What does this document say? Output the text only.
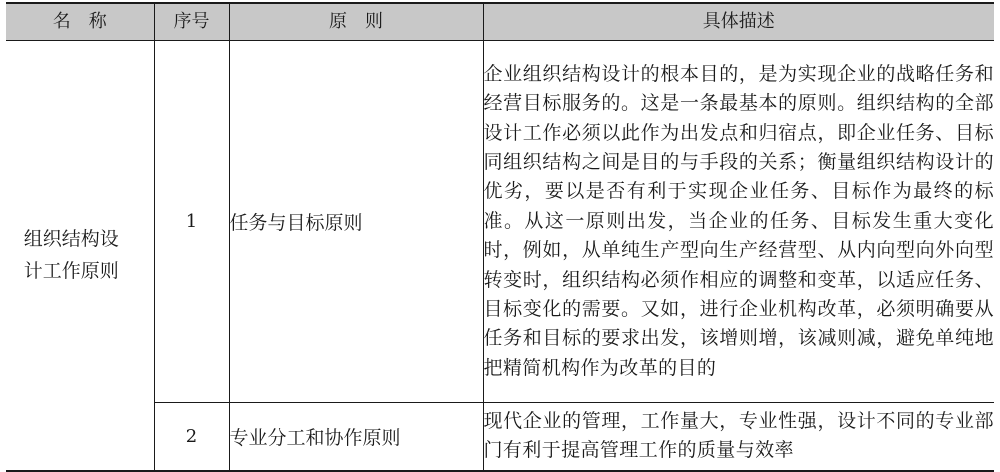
名　称	序号	原　则	具体描述

组织结构设计工作原则	1	任务与目标原则	企业组织结构设计的根本目的，是为实现企业的战略任务和经营目标服务的。这是一条最基本的原则。组织结构的全部设计工作必须以此作为出发点和归宿点，即企业任务、目标同组织结构之间是目的与手段的关系；衡量组织结构设计的优劣，要以是否有利于实现企业任务、目标作为最终的标准。从这一原则出发，当企业的任务、目标发生重大变化时，例如，从单纯生产型向生产经营型、从内向型向外向型转变时，组织结构必须作相应的调整和变革，以适应任务、目标变化的需要。又如，进行企业机构改革，必须明确要从任务和目标的要求出发，该增则增，该减则减，避免单纯地把精简机构作为改革的目的
	2	专业分工和协作原则	现代企业的管理，工作量大，专业性强，设计不同的专业部门有利于提高管理工作的质量与效率
